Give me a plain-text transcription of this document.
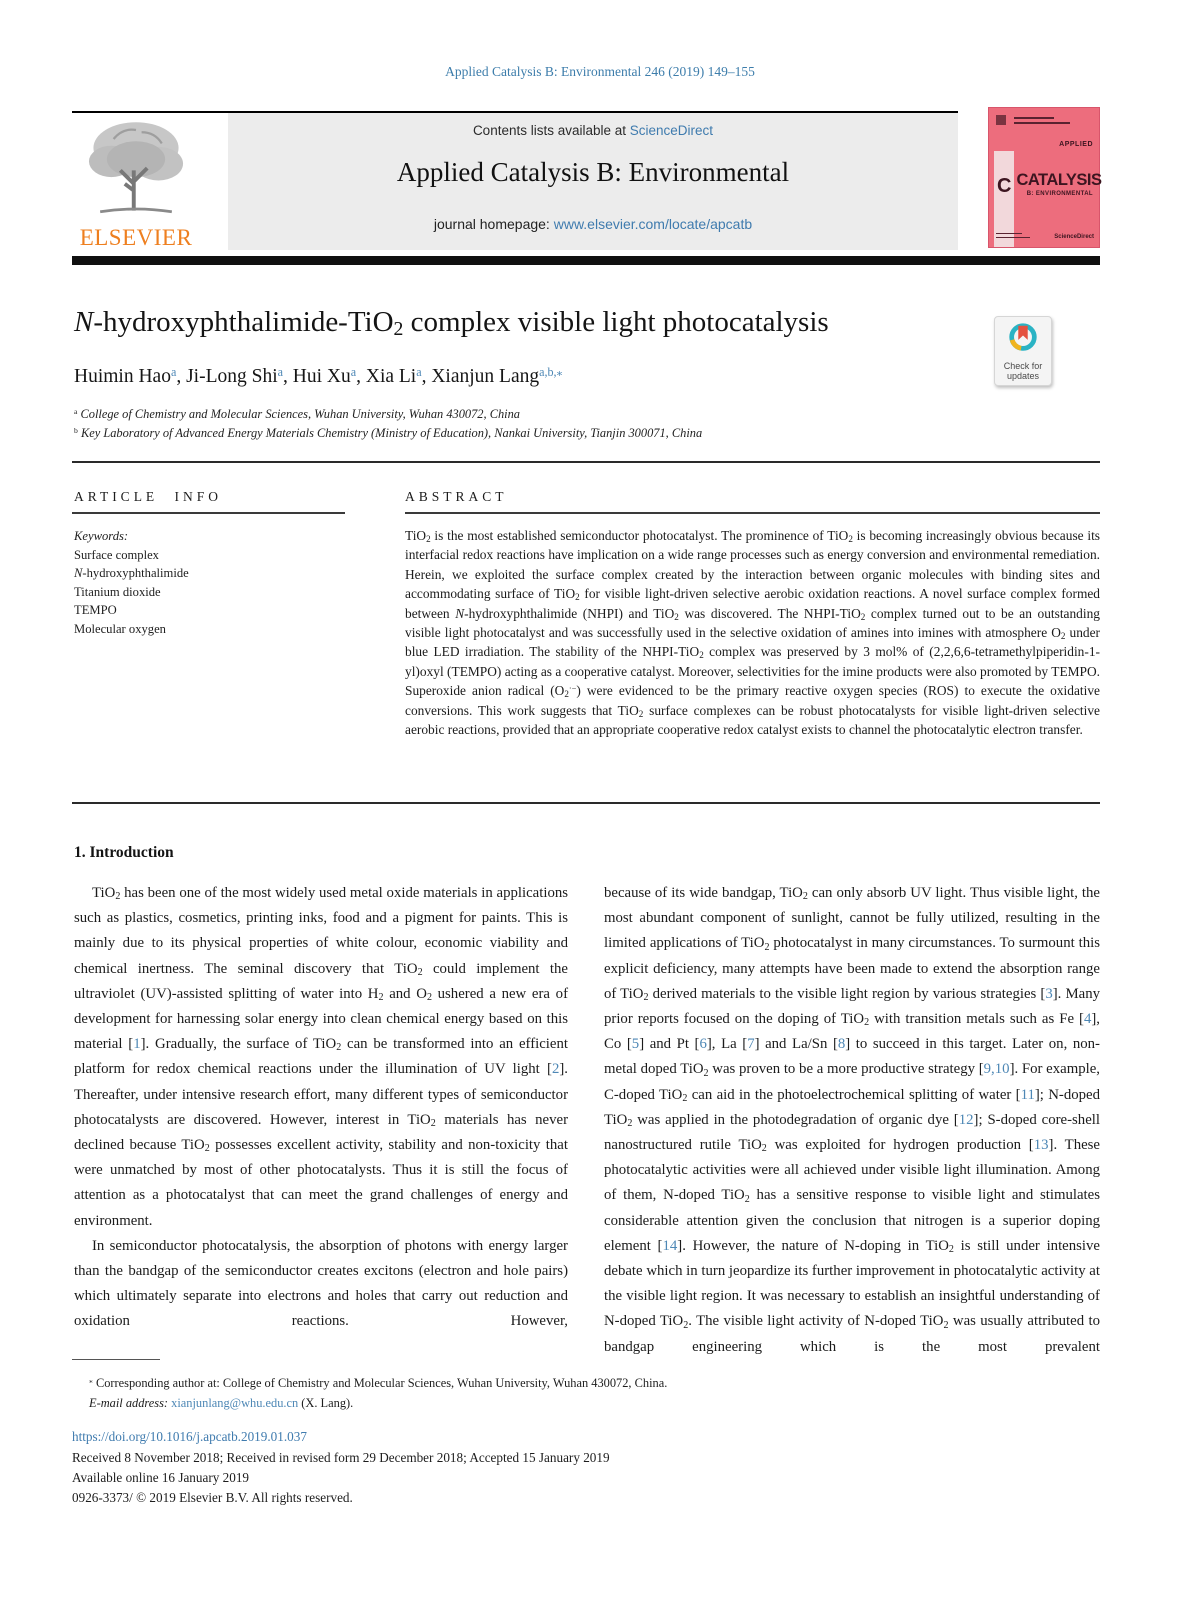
Applied Catalysis B: Environmental 246 (2019) 149–155
ELSEVIER
Contents lists available at ScienceDirect
Applied Catalysis B: Environmental
journal homepage: www.elsevier.com/locate/apcatb
APPLIED
C CATALYSIS
B: ENVIRONMENTAL
ScienceDirect
N-hydroxyphthalimide-TiO$_2$ complex visible light photocatalysis
Check for
updates
Huimin Hao$^a$, Ji-Long Shi$^a$, Hui Xu$^a$, Xia Li$^a$, Xianjun Lang$^{a,b,⁎}$
$^a$ College of Chemistry and Molecular Sciences, Wuhan University, Wuhan 430072, China
$^b$ Key Laboratory of Advanced Energy Materials Chemistry (Ministry of Education), Nankai University, Tianjin 300071, China
ARTICLE INFO	ABSTRACT
Keywords:
Surface complex
N-hydroxyphthalimide
Titanium dioxide
TEMPO
Molecular oxygen
TiO$_2$ is the most established semiconductor photocatalyst. The prominence of TiO$_2$ is becoming increasingly obvious because its interfacial redox reactions have implication on a wide range processes such as energy conversion and environmental remediation. Herein, we exploited the surface complex created by the interaction between organic molecules with binding sites and accommodating surface of TiO$_2$ for visible light-driven selective aerobic oxidation reactions. A novel surface complex formed between N-hydroxyphthalimide (NHPI) and TiO$_2$ was discovered. The NHPI-TiO$_2$ complex turned out to be an outstanding visible light photocatalyst and was successfully used in the selective oxidation of amines into imines with atmosphere $O_2$ under blue LED irradiation. The stability of the NHPI-TiO$_2$ complex was preserved by 3 mol% of (2,2,6,6-tetramethylpiperidin-1-yl)oxyl (TEMPO) acting as a cooperative catalyst. Moreover, selectivities for the imine products were also promoted by TEMPO. Superoxide anion radical $(O_2^{\cdot-})$ were evidenced to be the primary reactive oxygen species (ROS) to execute the oxidative conversions. This work suggests that TiO$_2$ surface complexes can be robust photocatalysts for visible light-driven selective aerobic reactions, provided that an appropriate cooperative redox catalyst exists to channel the photocatalytic electron transfer.
1. Introduction

TiO$_2$ has been one of the most widely used metal oxide materials in applications such as plastics, cosmetics, printing inks, food and a pigment for paints. This is mainly due to its physical properties of white colour, economic viability and chemical inertness. The seminal discovery that TiO$_2$ could implement the ultraviolet (UV)-assisted splitting of water into $H_2$ and $O_2$ ushered a new era of development for harnessing solar energy into clean chemical energy based on this material [1]. Gradually, the surface of TiO$_2$ can be transformed into an efficient platform for redox chemical reactions under the illumination of UV light [2]. Thereafter, under intensive research effort, many different types of semiconductor photocatalysts are discovered. However, interest in TiO$_2$ materials has never declined because TiO$_2$ possesses excellent activity, stability and non-toxicity that were unmatched by most of other photocatalysts. Thus it is still the focus of attention as a photocatalyst that can meet the grand challenges of energy and environment.

In semiconductor photocatalysis, the absorption of photons with energy larger than the bandgap of the semiconductor creates excitons (electron and hole pairs) which ultimately separate into electrons and holes that carry out reduction and oxidation reactions. However,

because of its wide bandgap, TiO$_2$ can only absorb UV light. Thus visible light, the most abundant component of sunlight, cannot be fully utilized, resulting in the limited applications of TiO$_2$ photocatalyst in many circumstances. To surmount this explicit deficiency, many attempts have been made to extend the absorption range of TiO$_2$ derived materials to the visible light region by various strategies [3]. Many prior reports focused on the doping of TiO$_2$ with transition metals such as Fe [4], Co [5] and Pt [6], La [7] and La/Sn [8] to succeed in this target. Later on, non-metal doped TiO$_2$ was proven to be a more productive strategy [9,10]. For example, C-doped TiO$_2$ can aid in the photoelectrochemical splitting of water [11]; N-doped TiO$_2$ was applied in the photodegradation of organic dye [12]; S-doped core-shell nanostructured rutile TiO$_2$ was exploited for hydrogen production [13]. These photocatalytic activities were all achieved under visible light illumination. Among of them, N-doped TiO$_2$ has a sensitive response to visible light and stimulates considerable attention given the conclusion that nitrogen is a superior doping element [14]. However, the nature of N-doping in TiO$_2$ is still under intensive debate which in turn jeopardize its further improvement in photocatalytic activity at the visible light region. It was necessary to establish an insightful understanding of N-doped TiO$_2$. The visible light activity of N-doped TiO$_2$ was usually attributed to bandgap engineering which is the most prevalent

⁎ Corresponding author at: College of Chemistry and Molecular Sciences, Wuhan University, Wuhan 430072, China.
E-mail address: xianjunlang@whu.edu.cn (X. Lang).
https://doi.org/10.1016/j.apcatb.2019.01.037
Received 8 November 2018; Received in revised form 29 December 2018; Accepted 15 January 2019
Available online 16 January 2019
0926-3373/ © 2019 Elsevier B.V. All rights reserved.
